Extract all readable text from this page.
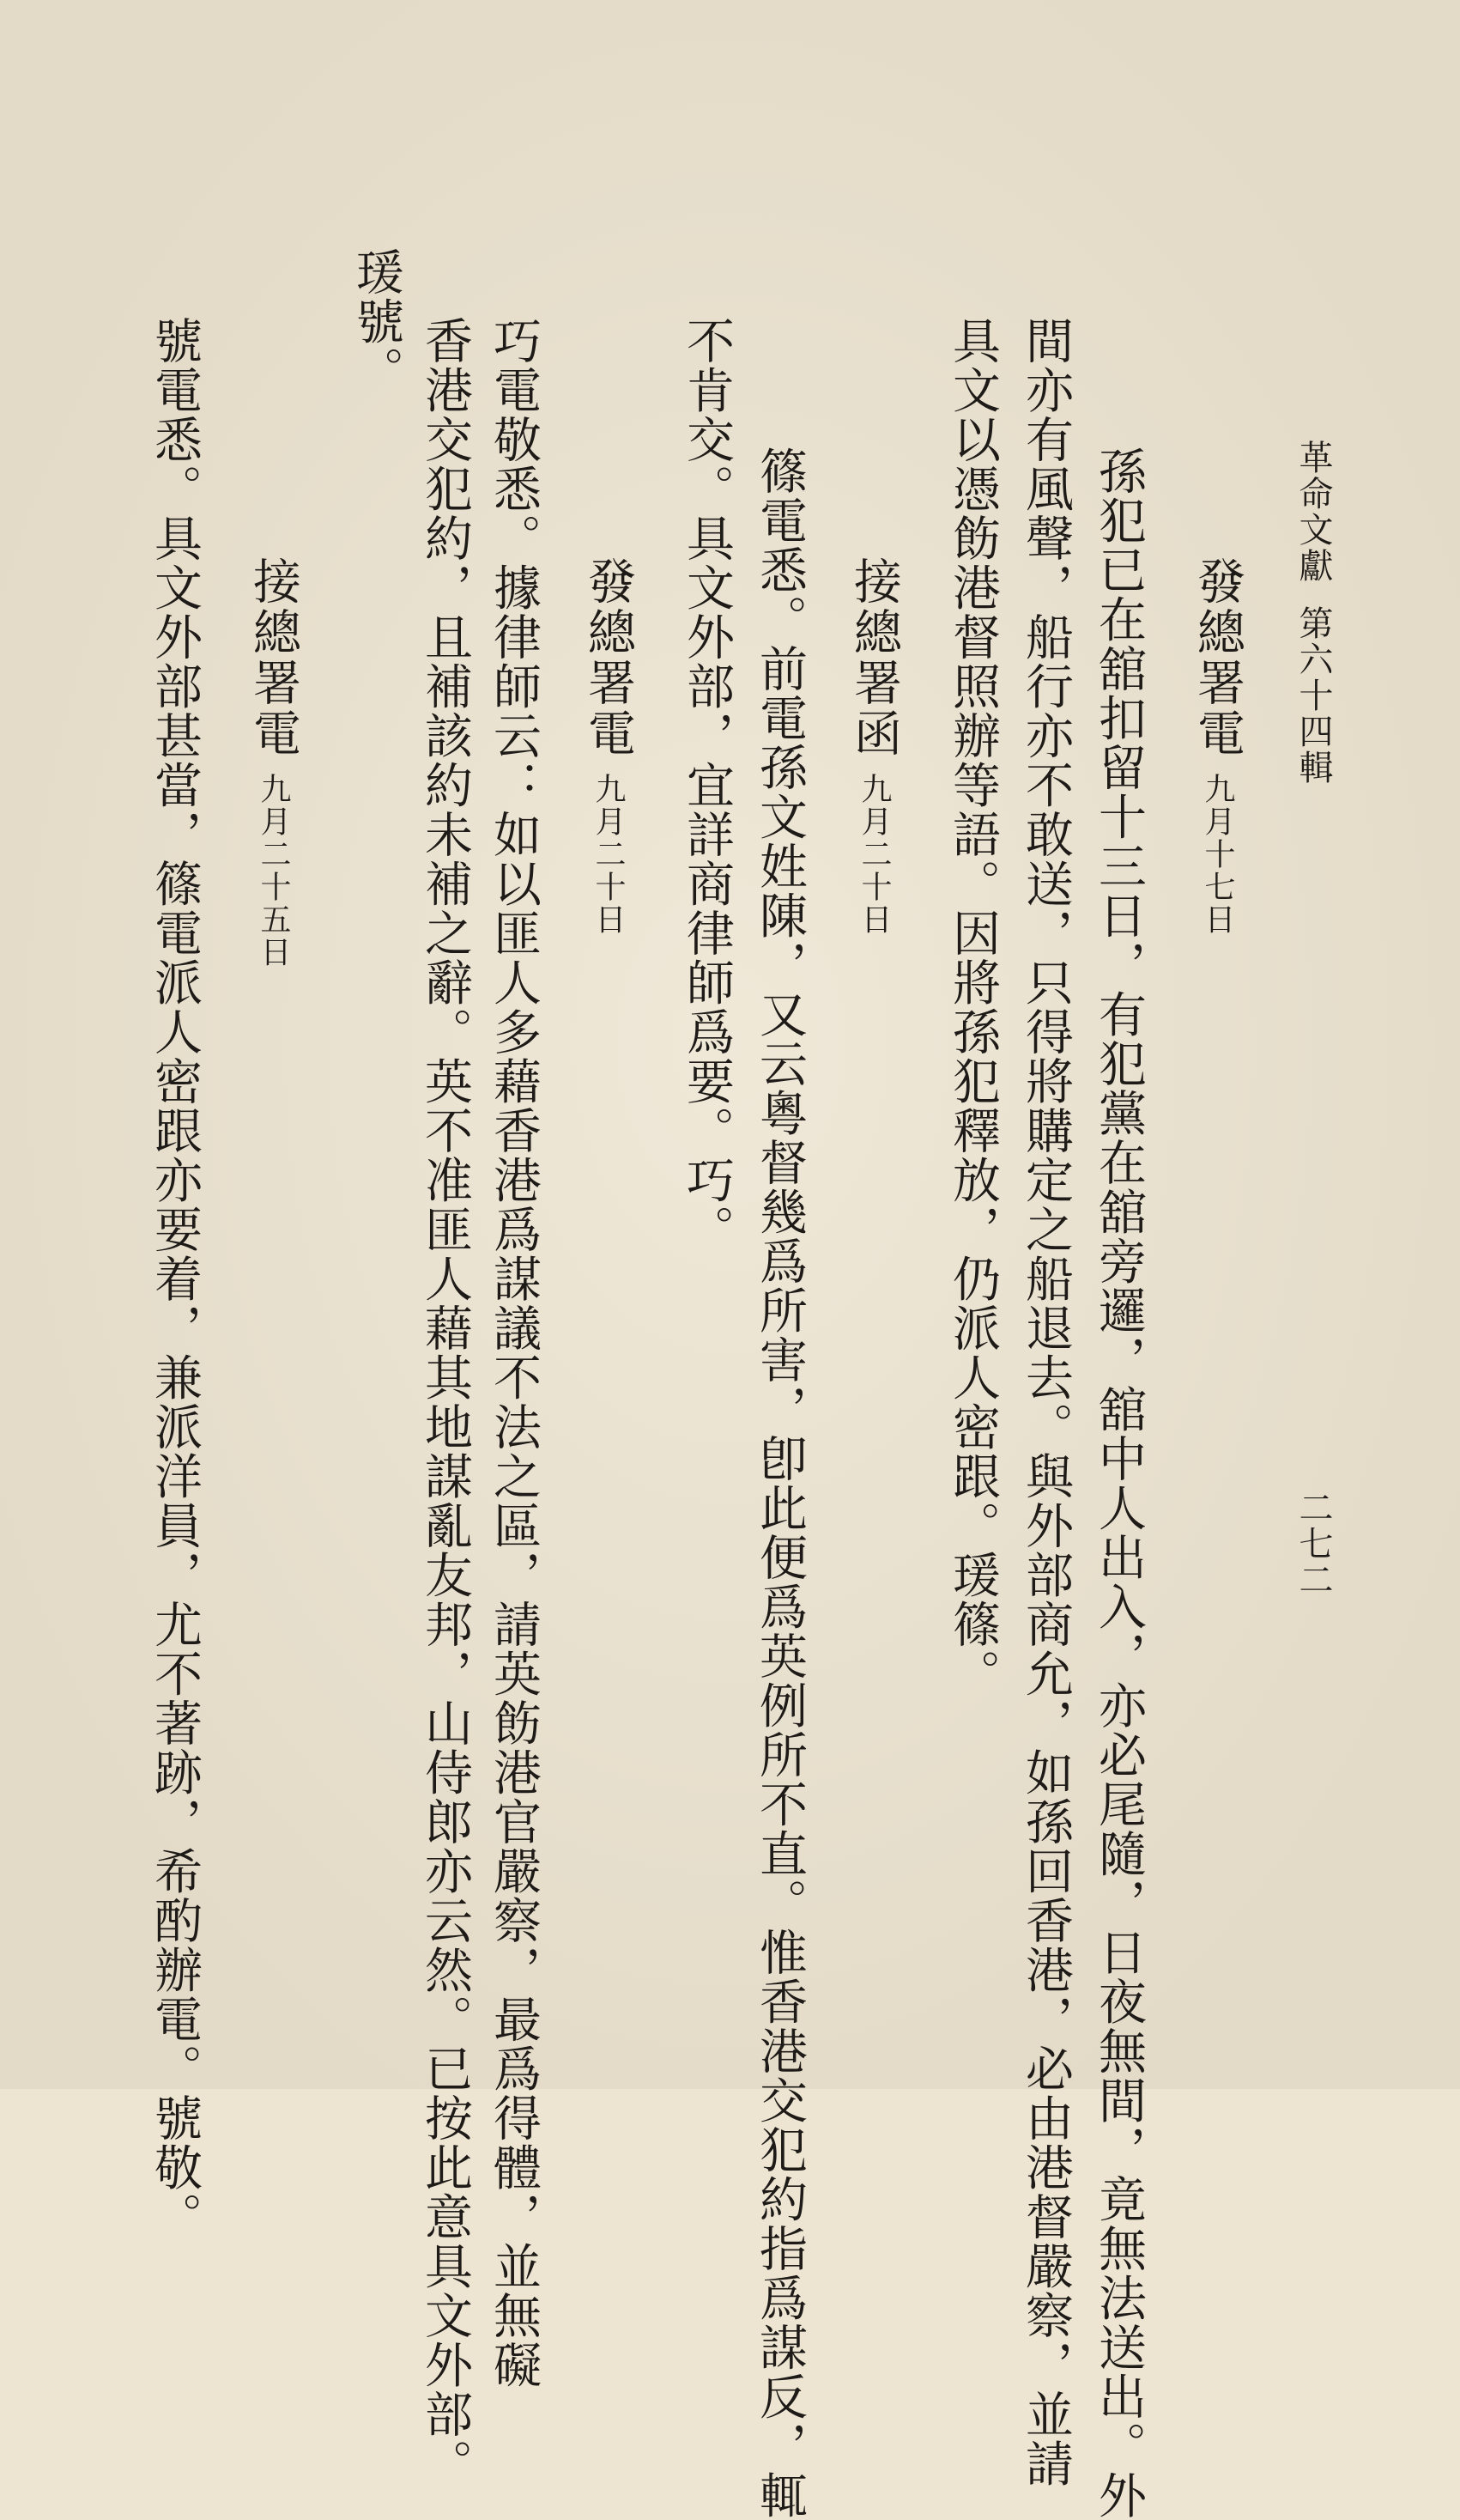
革命文獻
第六十四輯
二七二
發總署電
九月十七日
孫犯已在舘扣留十三日，有犯黨在舘旁邏，舘中人出入，亦必尾隨，日夜無間，竟無法送出。外
間亦有風聲，船行亦不敢送，只得將購定之船退去。與外部商允，如孫回香港，必由港督嚴察，並請
具文以憑飭港督照辦等語。因將孫犯釋放，仍派人密跟。瑗篠。
接總署函
九月二十日
篠電悉。前電孫文姓陳，又云粵督幾爲所害，卽此便爲英例所不直。惟香港交犯約指爲謀反，輒
不肯交。具文外部，宜詳商律師爲要。巧。
發總署電
九月二十日
巧電敬悉。據律師云：如以匪人多藉香港爲謀議不法之區，請英飭港官嚴察，最爲得體，並無礙
香港交犯約，且補該約未補之辭。英不准匪人藉其地謀亂友邦，山侍郎亦云然。已按此意具文外部。
瑗號。
接總署電
九月二十五日
號電悉。具文外部甚當，篠電派人密跟亦要着，兼派洋員，尤不著跡，希酌辦電。號敬。
